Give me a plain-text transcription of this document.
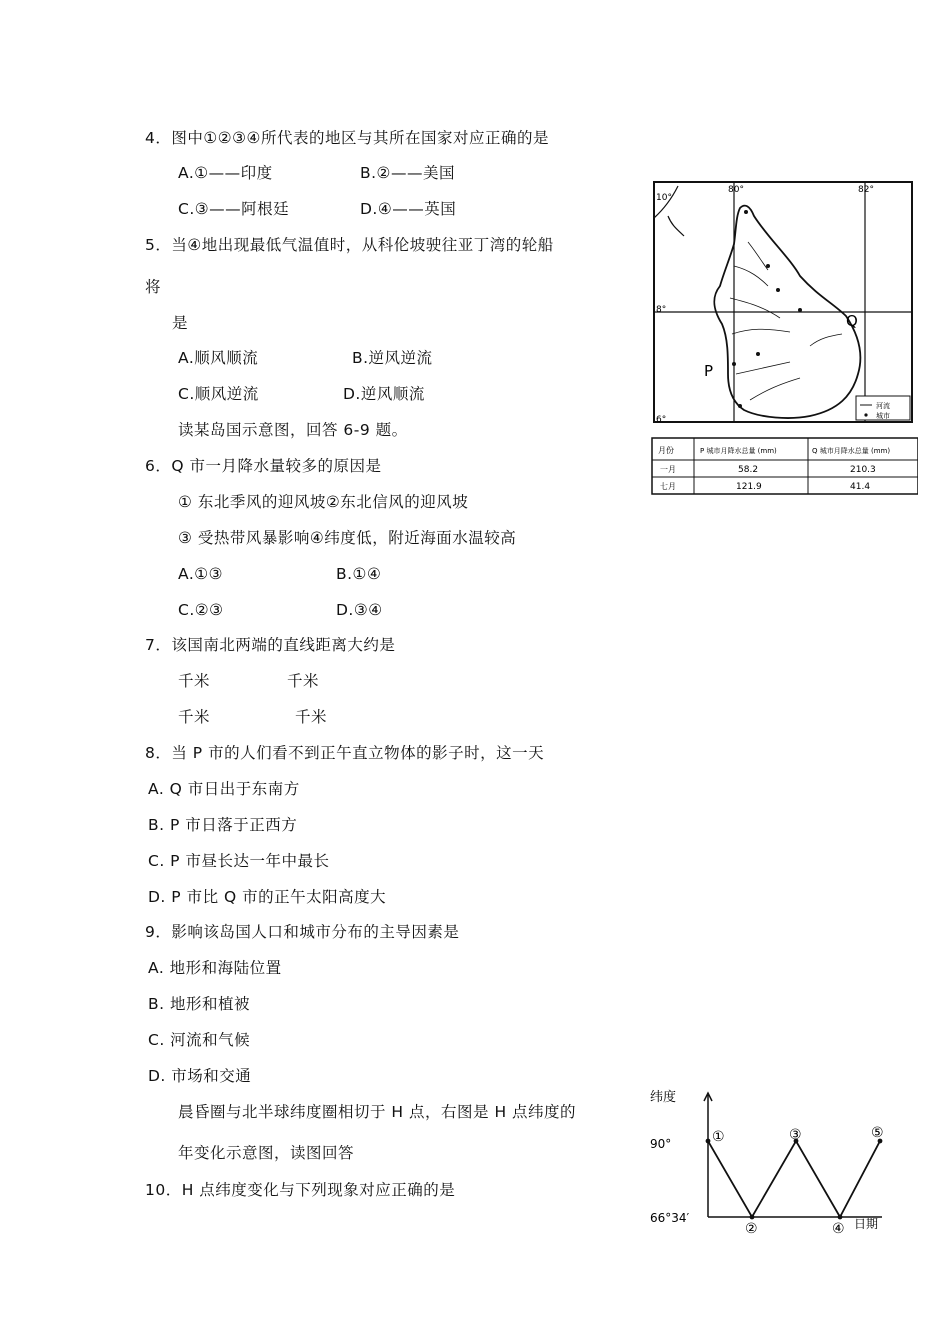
4．图中①②③④所代表的地区与其所在国家对应正确的是
A.①——印度	B.②——美国
C.③——阿根廷	D.④——英国
5．当④地出现最低气温值时，从科伦坡驶往亚丁湾的轮船
将
是
A.顺风顺流	B.逆风逆流
C.顺风逆流	D.逆风顺流
读某岛国示意图，回答 6-9 题。
6．Q 市一月降水量较多的原因是
① 东北季风的迎风坡②东北信风的迎风坡
③ 受热带风暴影响④纬度低，附近海面水温较高
A.①③	B.①④
C.②③	D.③④
7．该国南北两端的直线距离大约是
千米	千米
千米	千米
8．当 P 市的人们看不到正午直立物体的影子时，这一天
A. Q 市日出于东南方
B. P 市日落于正西方
C. P 市昼长达一年中最长
D. P 市比 Q 市的正午太阳高度大
9．影响该岛国人口和城市分布的主导因素是
A. 地形和海陆位置
B. 地形和植被
C. 河流和气候
D. 市场和交通
晨昏圈与北半球纬度圈相切于 H 点，右图是 H 点纬度的
年变化示意图，读图回答
10．H 点纬度变化与下列现象对应正确的是
80°	82°
10°
8°
6°
P
Q
河流
城市
月份	P 城市月降水总量 (mm)	Q 城市月降水总量 (mm)
一月	58.2	210.3
七月	121.9	41.4
纬度
90°
66°34′	日期
①
②
③
④
⑤
